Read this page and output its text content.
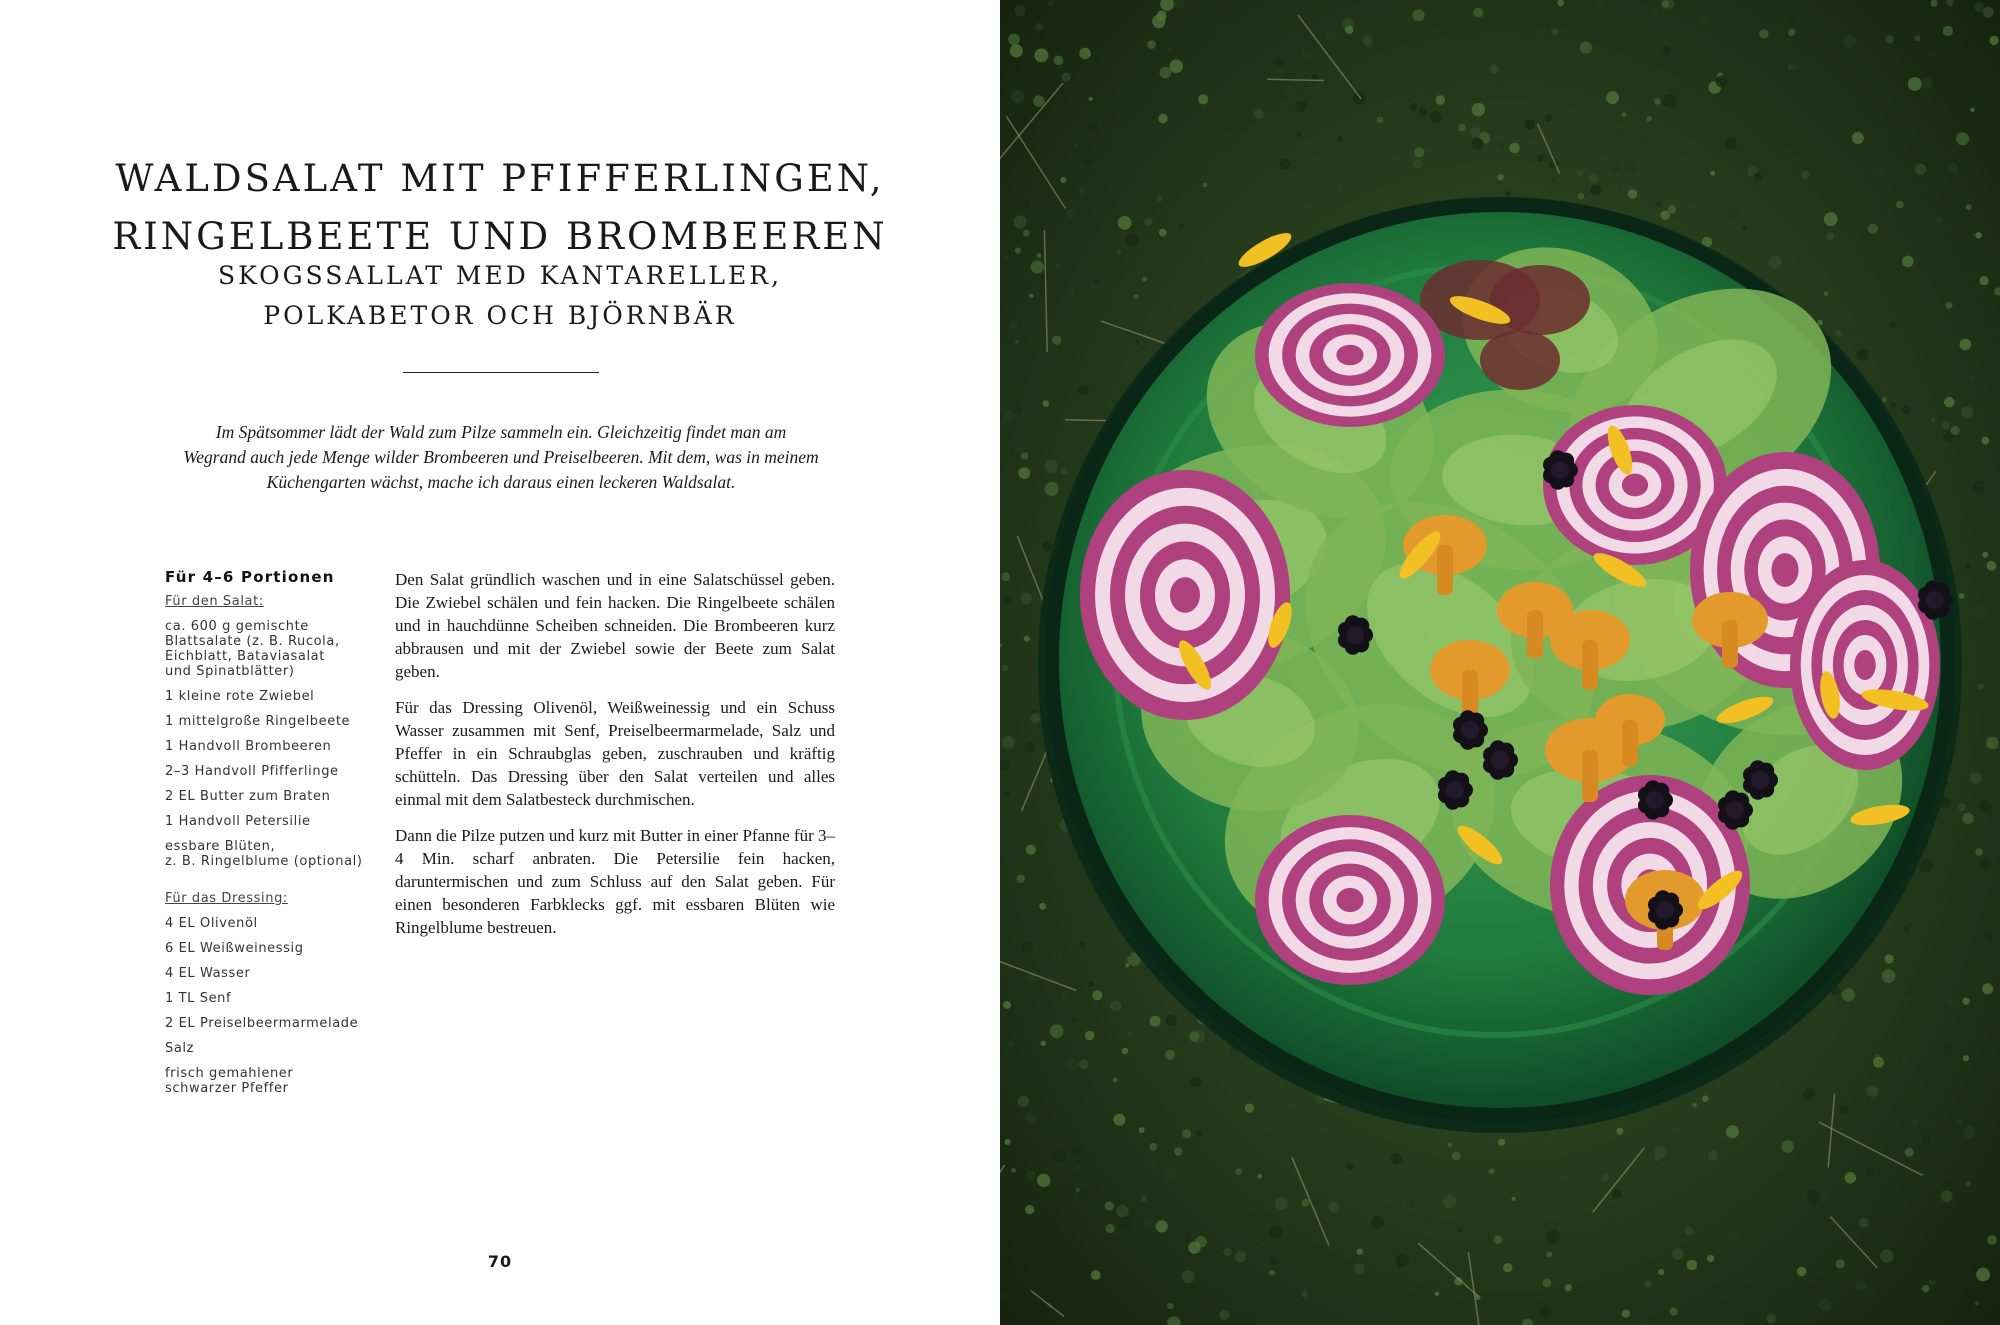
WALDSALAT MIT PFIFFERLINGEN,
RINGELBEETE UND BROMBEEREN
SKOGSSALLAT MED KANTARELLER,
POLKABETOR OCH BJÖRNBÄR

Im Spätsommer lädt der Wald zum Pilze sammeln ein. Gleichzeitig findet man am
Wegrand auch jede Menge wilder Brombeeren und Preiselbeeren. Mit dem, was in meinem
Küchengarten wächst, mache ich daraus einen leckeren Waldsalat.

Für 4–6 Portionen
Für den Salat:
ca. 600 g gemischte
Blattsalate (z. B. Rucola,
Eichblatt, Bataviasalat
und Spinatblätter)
1 kleine rote Zwiebel
1 mittelgroße Ringelbeete
1 Handvoll Brombeeren
2–3 Handvoll Pfifferlinge
2 EL Butter zum Braten
1 Handvoll Petersilie
essbare Blüten,
z. B. Ringelblume (optional)
Für das Dressing:
4 EL Olivenöl
6 EL Weißweinessig
4 EL Wasser
1 TL Senf
2 EL Preiselbeermarmelade
Salz
frisch gemahlener
schwarzer Pfeffer

Den Salat gründlich waschen und in eine Salatschüssel geben. Die Zwiebel schälen und fein hacken. Die Ringelbeete schälen und in hauchdünne Scheiben schneiden. Die Brombeeren kurz abbrausen und mit der Zwiebel sowie der Beete zum Salat geben.

Für das Dressing Olivenöl, Weißweinessig und ein Schuss Wasser zusammen mit Senf, Preiselbeermarmelade, Salz und Pfeffer in ein Schraubglas geben, zuschrauben und kräftig schütteln. Das Dressing über den Salat verteilen und alles einmal mit dem Salatbesteck durchmischen.

Dann die Pilze putzen und kurz mit Butter in einer Pfanne für 3–4 Min. scharf anbraten. Die Petersilie fein hacken, daruntermischen und zum Schluss auf den Salat geben. Für einen besonderen Farbklecks ggf. mit essbaren Blüten wie Ringelblume bestreuen.

70
